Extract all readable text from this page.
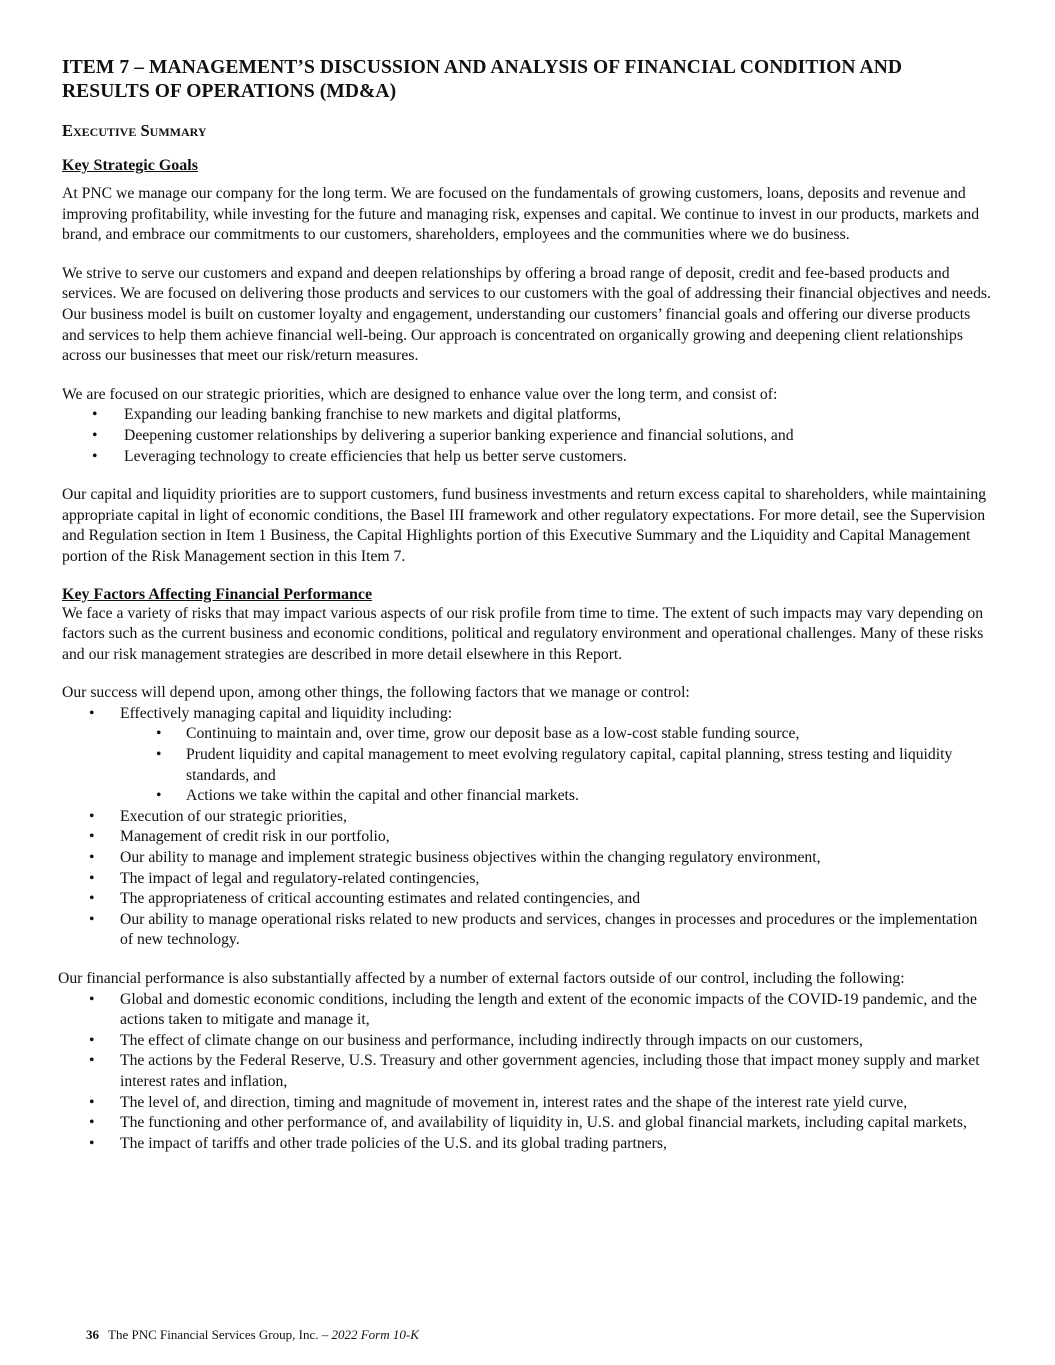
ITEM 7 – MANAGEMENT’S DISCUSSION AND ANALYSIS OF FINANCIAL CONDITION AND RESULTS OF OPERATIONS (MD&A)
Executive Summary
Key Strategic Goals

At PNC we manage our company for the long term. We are focused on the fundamentals of growing customers, loans, deposits and revenue and improving profitability, while investing for the future and managing risk, expenses and capital. We continue to invest in our products, markets and brand, and embrace our commitments to our customers, shareholders, employees and the communities where we do business.

We strive to serve our customers and expand and deepen relationships by offering a broad range of deposit, credit and fee-based products and services. We are focused on delivering those products and services to our customers with the goal of addressing their financial objectives and needs. Our business model is built on customer loyalty and engagement, understanding our customers’ financial goals and offering our diverse products and services to help them achieve financial well-being. Our approach is concentrated on organically growing and deepening client relationships across our businesses that meet our risk/return measures.

We are focused on our strategic priorities, which are designed to enhance value over the long term, and consist of:

• Expanding our leading banking franchise to new markets and digital platforms,
• Deepening customer relationships by delivering a superior banking experience and financial solutions, and
• Leveraging technology to create efficiencies that help us better serve customers.

Our capital and liquidity priorities are to support customers, fund business investments and return excess capital to shareholders, while maintaining appropriate capital in light of economic conditions, the Basel III framework and other regulatory expectations. For more detail, see the Supervision and Regulation section in Item 1 Business, the Capital Highlights portion of this Executive Summary and the Liquidity and Capital Management portion of the Risk Management section in this Item 7.

Key Factors Affecting Financial Performance

We face a variety of risks that may impact various aspects of our risk profile from time to time. The extent of such impacts may vary depending on factors such as the current business and economic conditions, political and regulatory environment and operational challenges. Many of these risks and our risk management strategies are described in more detail elsewhere in this Report.

Our success will depend upon, among other things, the following factors that we manage or control:

• Effectively managing capital and liquidity including:
• Continuing to maintain and, over time, grow our deposit base as a low-cost stable funding source,
• Prudent liquidity and capital management to meet evolving regulatory capital, capital planning, stress testing and liquidity standards, and
• Actions we take within the capital and other financial markets.
• Execution of our strategic priorities,
• Management of credit risk in our portfolio,
• Our ability to manage and implement strategic business objectives within the changing regulatory environment,
• The impact of legal and regulatory-related contingencies,
• The appropriateness of critical accounting estimates and related contingencies, and
• Our ability to manage operational risks related to new products and services, changes in processes and procedures or the implementation of new technology.

Our financial performance is also substantially affected by a number of external factors outside of our control, including the following:

• Global and domestic economic conditions, including the length and extent of the economic impacts of the COVID-19 pandemic, and the actions taken to mitigate and manage it,
• The effect of climate change on our business and performance, including indirectly through impacts on our customers,
• The actions by the Federal Reserve, U.S. Treasury and other government agencies, including those that impact money supply and market interest rates and inflation,
• The level of, and direction, timing and magnitude of movement in, interest rates and the shape of the interest rate yield curve,
• The functioning and other performance of, and availability of liquidity in, U.S. and global financial markets, including capital markets,
• The impact of tariffs and other trade policies of the U.S. and its global trading partners,
36 The PNC Financial Services Group, Inc. – 2022 Form 10-K
